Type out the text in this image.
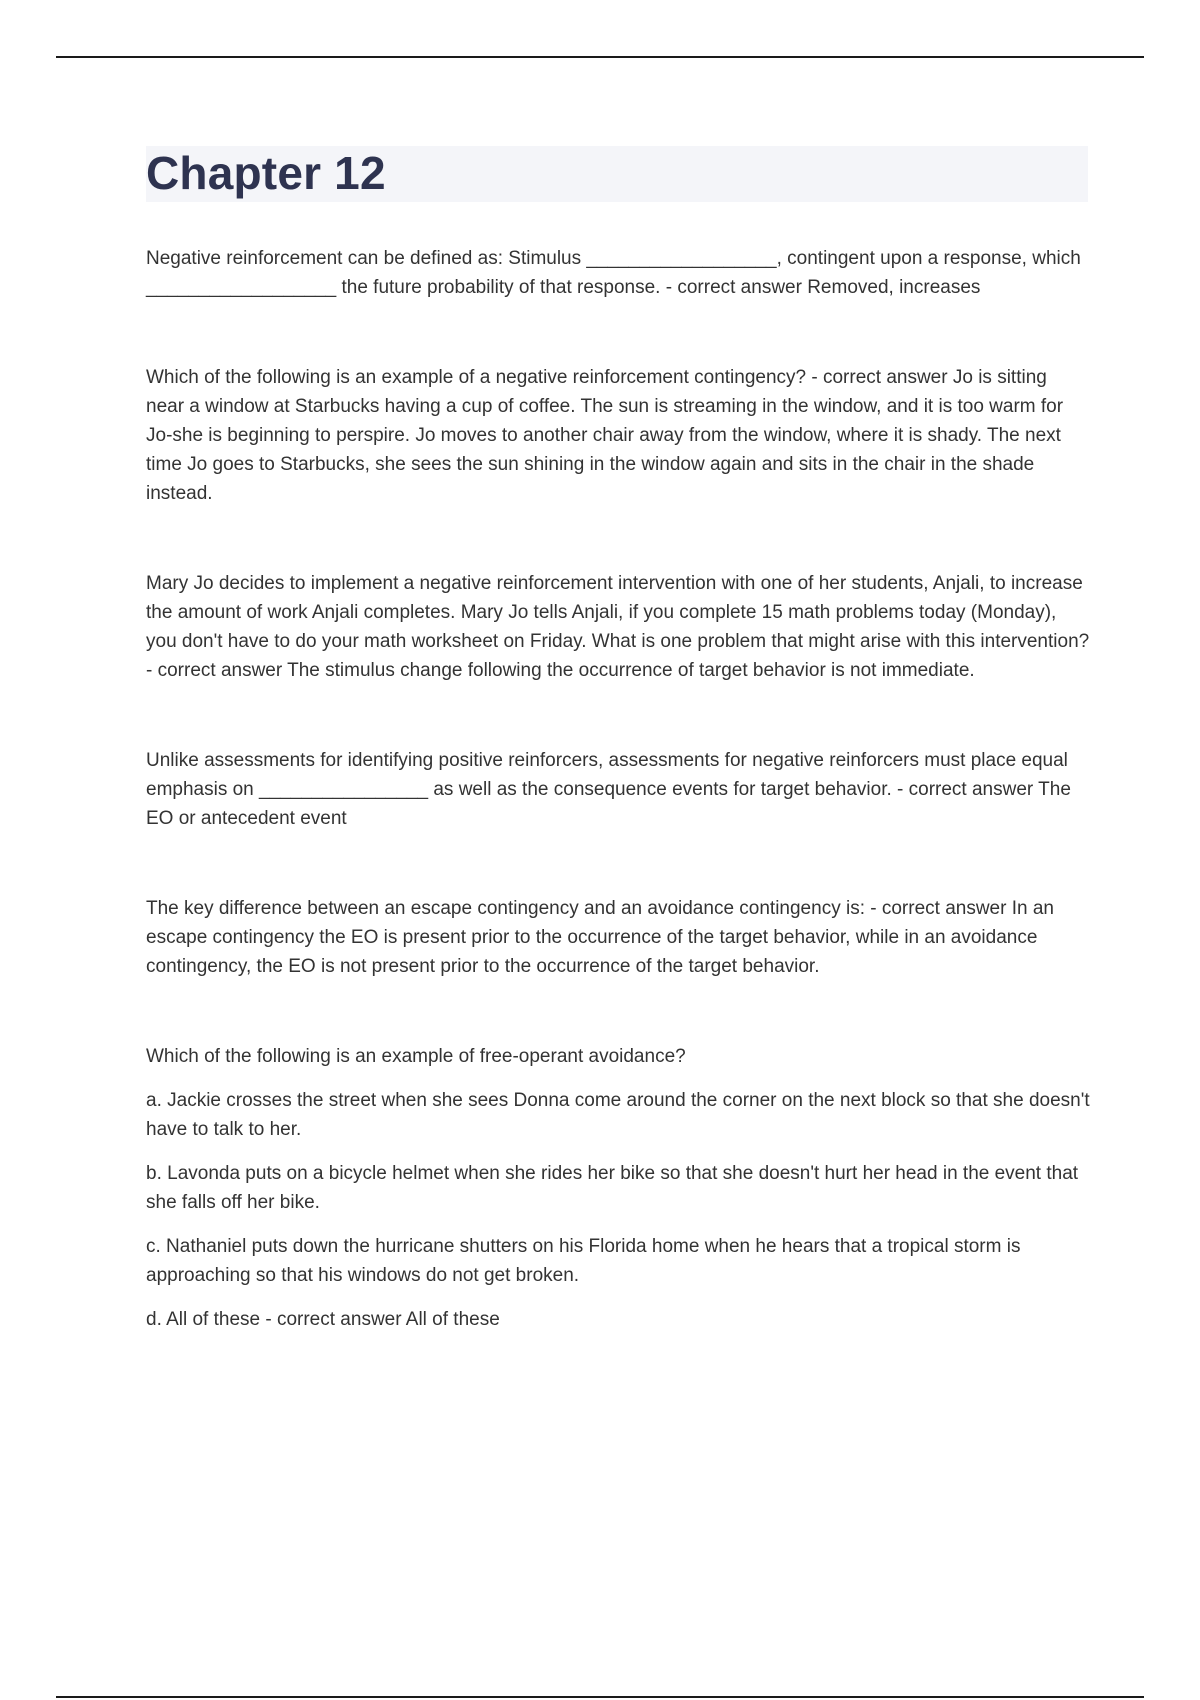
Chapter 12

Negative reinforcement can be defined as: Stimulus __________________, contingent upon a response, which __________________ the future probability of that response. - correct answer Removed, increases

Which of the following is an example of a negative reinforcement contingency? - correct answer Jo is sitting near a window at Starbucks having a cup of coffee. The sun is streaming in the window, and it is too warm for Jo-she is beginning to perspire. Jo moves to another chair away from the window, where it is shady. The next time Jo goes to Starbucks, she sees the sun shining in the window again and sits in the chair in the shade instead.

Mary Jo decides to implement a negative reinforcement intervention with one of her students, Anjali, to increase the amount of work Anjali completes. Mary Jo tells Anjali, if you complete 15 math problems today (Monday), you don't have to do your math worksheet on Friday. What is one problem that might arise with this intervention? - correct answer The stimulus change following the occurrence of target behavior is not immediate.

Unlike assessments for identifying positive reinforcers, assessments for negative reinforcers must place equal emphasis on ________________ as well as the consequence events for target behavior. - correct answer The EO or antecedent event

The key difference between an escape contingency and an avoidance contingency is: - correct answer In an escape contingency the EO is present prior to the occurrence of the target behavior, while in an avoidance contingency, the EO is not present prior to the occurrence of the target behavior.

Which of the following is an example of free-operant avoidance?

a. Jackie crosses the street when she sees Donna come around the corner on the next block so that she doesn't have to talk to her.

b. Lavonda puts on a bicycle helmet when she rides her bike so that she doesn't hurt her head in the event that she falls off her bike.

c. Nathaniel puts down the hurricane shutters on his Florida home when he hears that a tropical storm is approaching so that his windows do not get broken.

d. All of these - correct answer All of these
